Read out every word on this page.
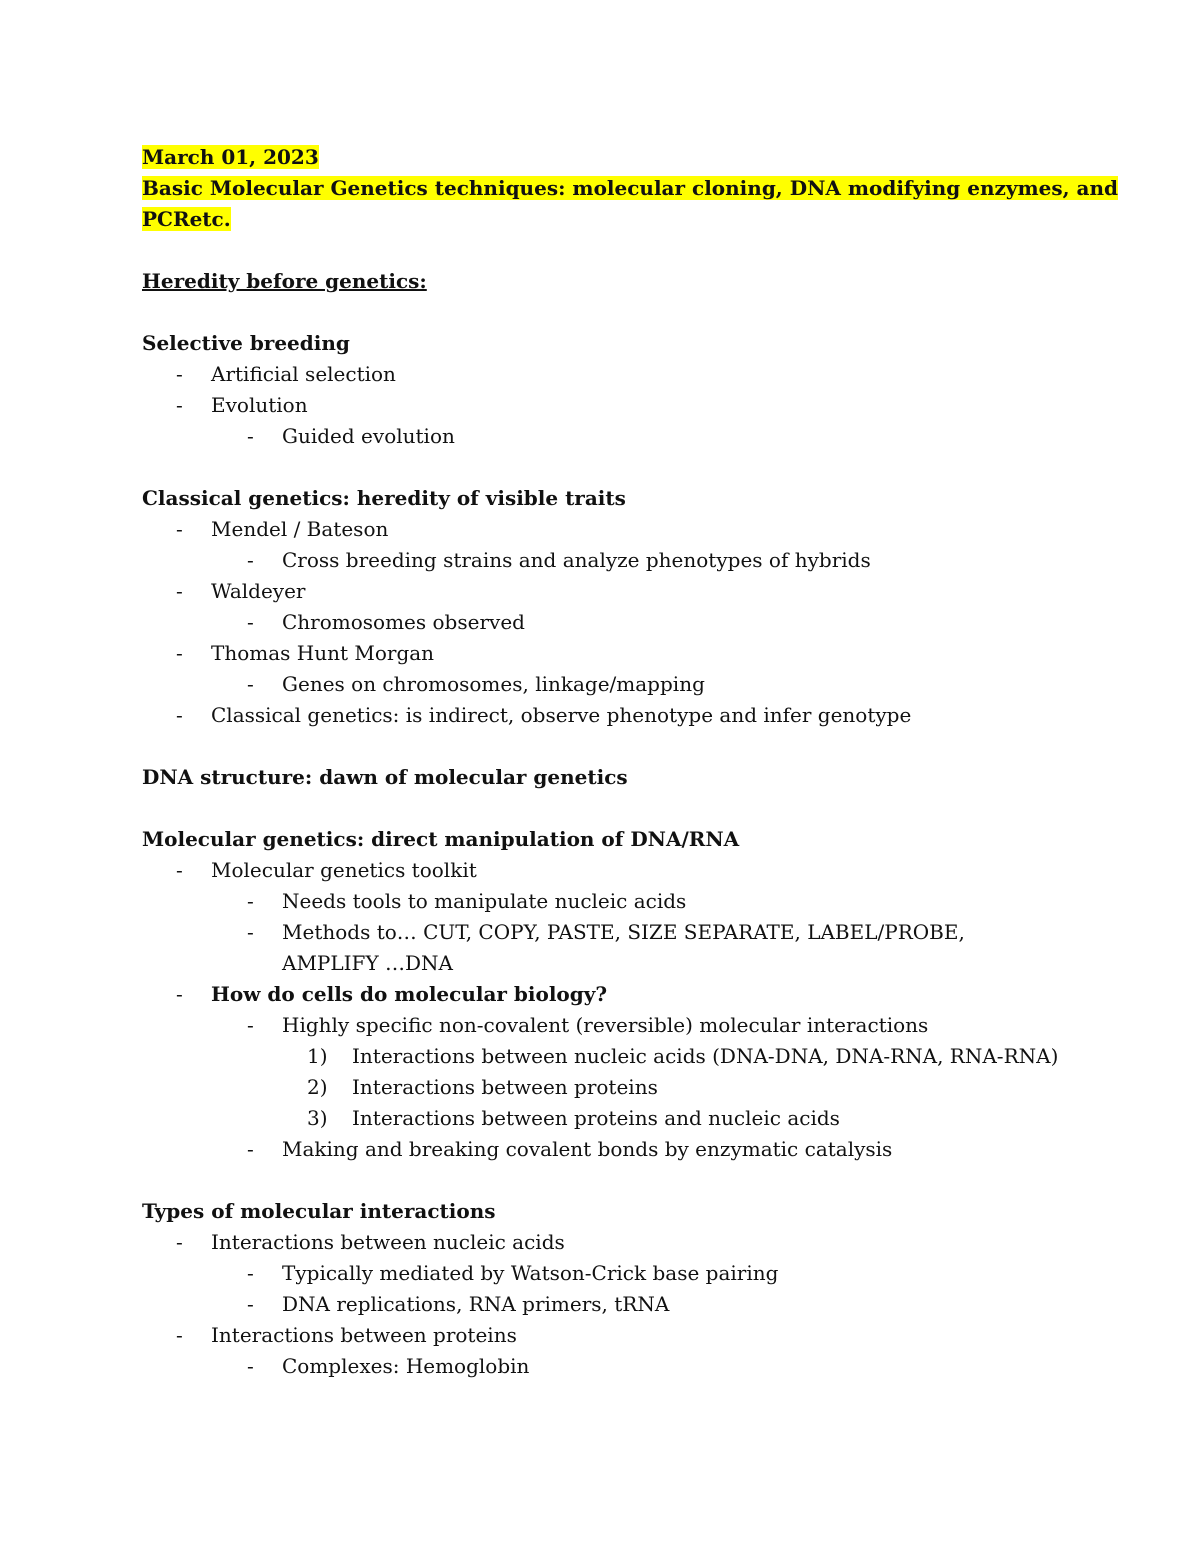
March 01, 2023
Basic Molecular Genetics techniques: molecular cloning, DNA modifying enzymes, and
PCRetc.
Heredity before genetics:
Selective breeding
- Artificial selection
- Evolution
- Guided evolution
Classical genetics: heredity of visible traits
- Mendel / Bateson
- Cross breeding strains and analyze phenotypes of hybrids
- Waldeyer
- Chromosomes observed
- Thomas Hunt Morgan
- Genes on chromosomes, linkage/mapping
- Classical genetics: is indirect, observe phenotype and infer genotype
DNA structure: dawn of molecular genetics
Molecular genetics: direct manipulation of DNA/RNA
- Molecular genetics toolkit
- Needs tools to manipulate nucleic acids
- Methods to… CUT, COPY, PASTE, SIZE SEPARATE, LABEL/PROBE, AMPLIFY …DNA
- How do cells do molecular biology?
- Highly specific non-covalent (reversible) molecular interactions
1) Interactions between nucleic acids (DNA-DNA, DNA-RNA, RNA-RNA)
2) Interactions between proteins
3) Interactions between proteins and nucleic acids
- Making and breaking covalent bonds by enzymatic catalysis
Types of molecular interactions
- Interactions between nucleic acids
- Typically mediated by Watson-Crick base pairing
- DNA replications, RNA primers, tRNA
- Interactions between proteins
- Complexes: Hemoglobin
